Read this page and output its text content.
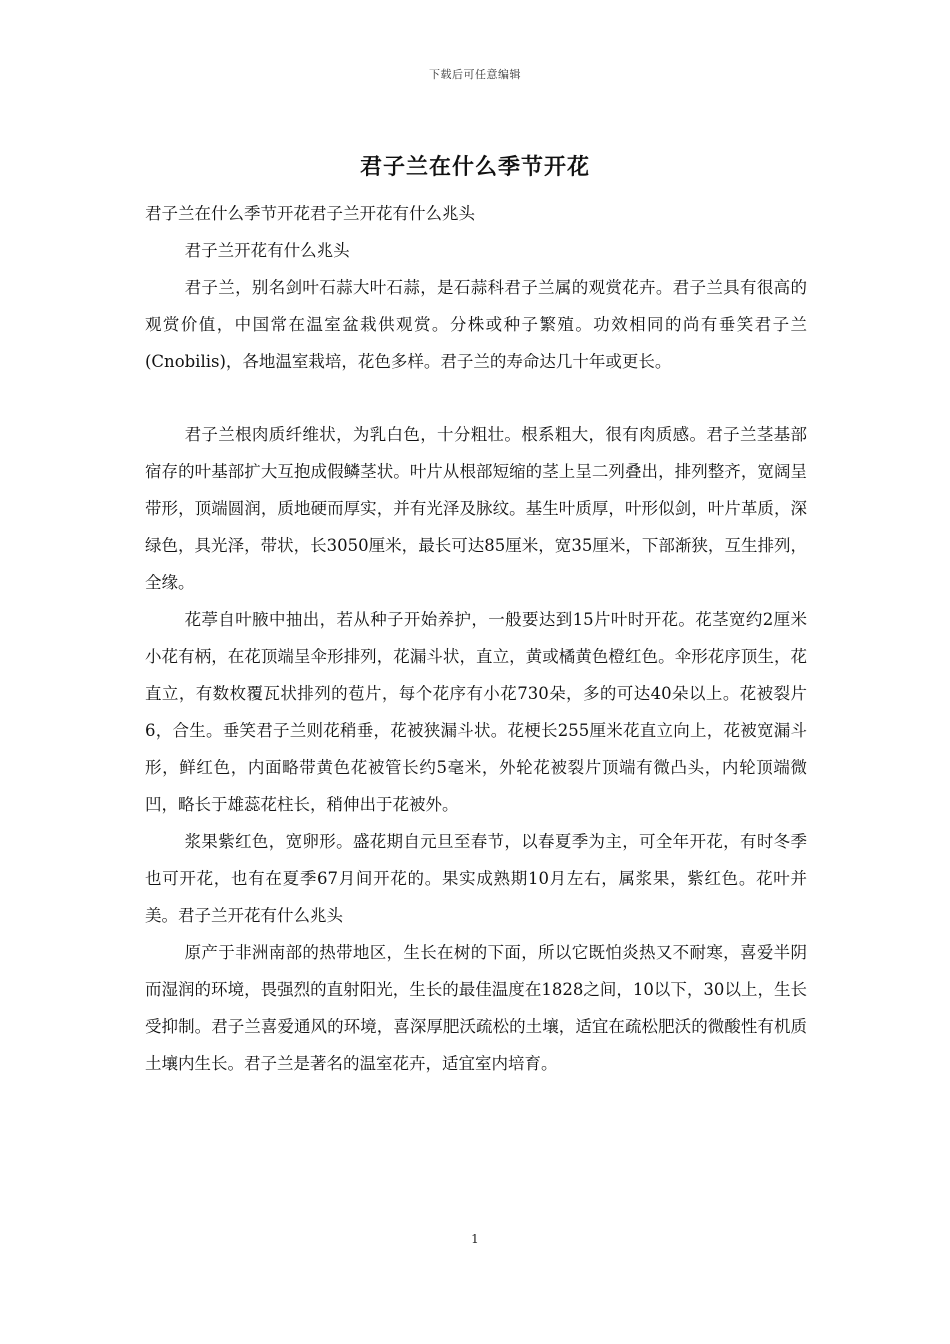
下载后可任意编辑
君子兰在什么季节开花

君子兰在什么季节开花君子兰开花有什么兆头

君子兰开花有什么兆头

君子兰，别名剑叶石蒜大叶石蒜，是石蒜科君子兰属的观赏花卉。君子兰具有很高的观赏价值，中国常在温室盆栽供观赏。分株或种子繁殖。功效相同的尚有垂笑君子兰(Cnobilis)，各地温室栽培，花色多样。君子兰的寿命达几十年或更长。

君子兰根肉质纤维状，为乳白色，十分粗壮。根系粗大，很有肉质感。君子兰茎基部宿存的叶基部扩大互抱成假鳞茎状。叶片从根部短缩的茎上呈二列叠出，排列整齐，宽阔呈带形，顶端圆润，质地硬而厚实，并有光泽及脉纹。基生叶质厚，叶形似剑，叶片革质，深绿色，具光泽，带状，长3050厘米，最长可达85厘米，宽35厘米，下部渐狭，互生排列，全缘。

花葶自叶腋中抽出，若从种子开始养护，一般要达到15片叶时开花。花茎宽约2厘米小花有柄，在花顶端呈伞形排列，花漏斗状，直立，黄或橘黄色橙红色。伞形花序顶生，花直立，有数枚覆瓦状排列的苞片，每个花序有小花730朵，多的可达40朵以上。花被裂片6，合生。垂笑君子兰则花稍垂，花被狭漏斗状。花梗长255厘米花直立向上，花被宽漏斗形，鲜红色，内面略带黄色花被管长约5毫米，外轮花被裂片顶端有微凸头，内轮顶端微凹，略长于雄蕊花柱长，稍伸出于花被外。

浆果紫红色，宽卵形。盛花期自元旦至春节，以春夏季为主，可全年开花，有时冬季也可开花，也有在夏季67月间开花的。果实成熟期10月左右，属浆果，紫红色。花叶并美。君子兰开花有什么兆头

原产于非洲南部的热带地区，生长在树的下面，所以它既怕炎热又不耐寒，喜爱半阴而湿润的环境，畏强烈的直射阳光，生长的最佳温度在1828之间，10以下，30以上，生长受抑制。君子兰喜爱通风的环境，喜深厚肥沃疏松的土壤，适宜在疏松肥沃的微酸性有机质土壤内生长。君子兰是著名的温室花卉，适宜室内培育。

1
